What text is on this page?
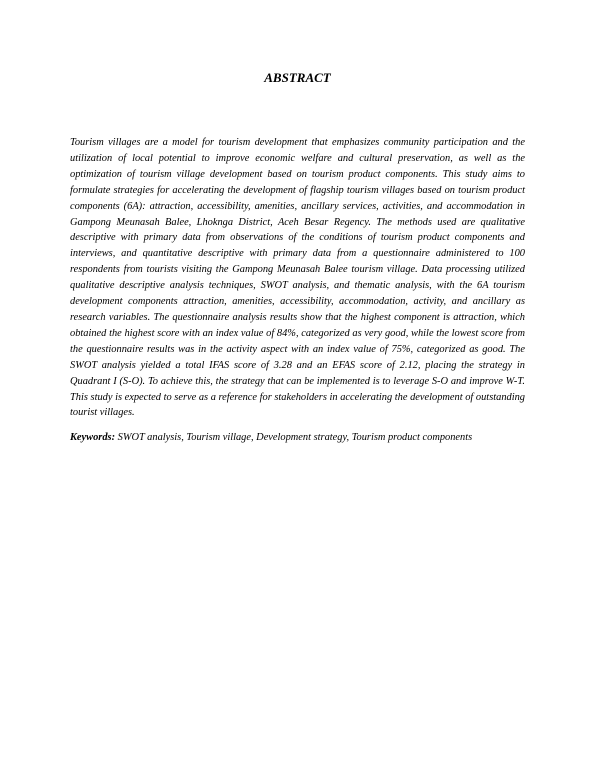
ABSTRACT

Tourism villages are a model for tourism development that emphasizes community participation and the utilization of local potential to improve economic welfare and cultural preservation, as well as the optimization of tourism village development based on tourism product components. This study aims to formulate strategies for accelerating the development of flagship tourism villages based on tourism product components (6A): attraction, accessibility, amenities, ancillary services, activities, and accommodation in Gampong Meunasah Balee, Lhoknga District, Aceh Besar Regency. The methods used are qualitative descriptive with primary data from observations of the conditions of tourism product components and interviews, and quantitative descriptive with primary data from a questionnaire administered to 100 respondents from tourists visiting the Gampong Meunasah Balee tourism village. Data processing utilized qualitative descriptive analysis techniques, SWOT analysis, and thematic analysis, with the 6A tourism development components attraction, amenities, accessibility, accommodation, activity, and ancillary as research variables. The questionnaire analysis results show that the highest component is attraction, which obtained the highest score with an index value of 84%, categorized as very good, while the lowest score from the questionnaire results was in the activity aspect with an index value of 75%, categorized as good. The SWOT analysis yielded a total IFAS score of 3.28 and an EFAS score of 2.12, placing the strategy in Quadrant I (S-O). To achieve this, the strategy that can be implemented is to leverage S-O and improve W-T. This study is expected to serve as a reference for stakeholders in accelerating the development of outstanding tourist villages.

Keywords: SWOT analysis, Tourism village, Development strategy, Tourism product components
